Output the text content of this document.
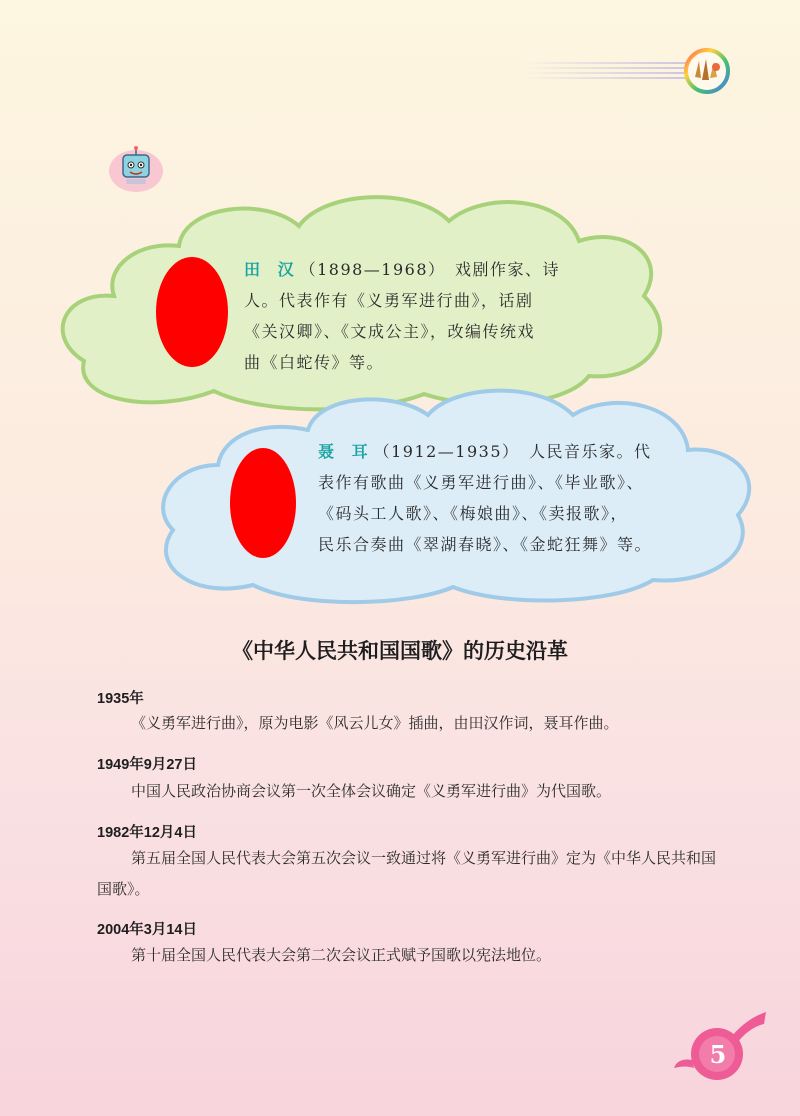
田 汉（1898—1968）　戏剧作家、诗
人。代表作有《义勇军进行曲》，话剧
《关汉卿》、《文成公主》，改编传统戏
曲《白蛇传》等。
聂 耳（1912—1935）　人民音乐家。代
表作有歌曲《义勇军进行曲》、《毕业歌》、
《码头工人歌》、《梅娘曲》、《卖报歌》，
民乐合奏曲《翠湖春晓》、《金蛇狂舞》等。
《中华人民共和国国歌》的历史沿革
1935年
《义勇军进行曲》，原为电影《风云儿女》插曲，由田汉作词，聂耳作曲。
1949年9月27日
中国人民政治协商会议第一次全体会议确定《义勇军进行曲》为代国歌。
1982年12月4日
第五届全国人民代表大会第五次会议一致通过将《义勇军进行曲》定为《中华人民共和国国歌》。
2004年3月14日
第十届全国人民代表大会第二次会议正式赋予国歌以宪法地位。
5
